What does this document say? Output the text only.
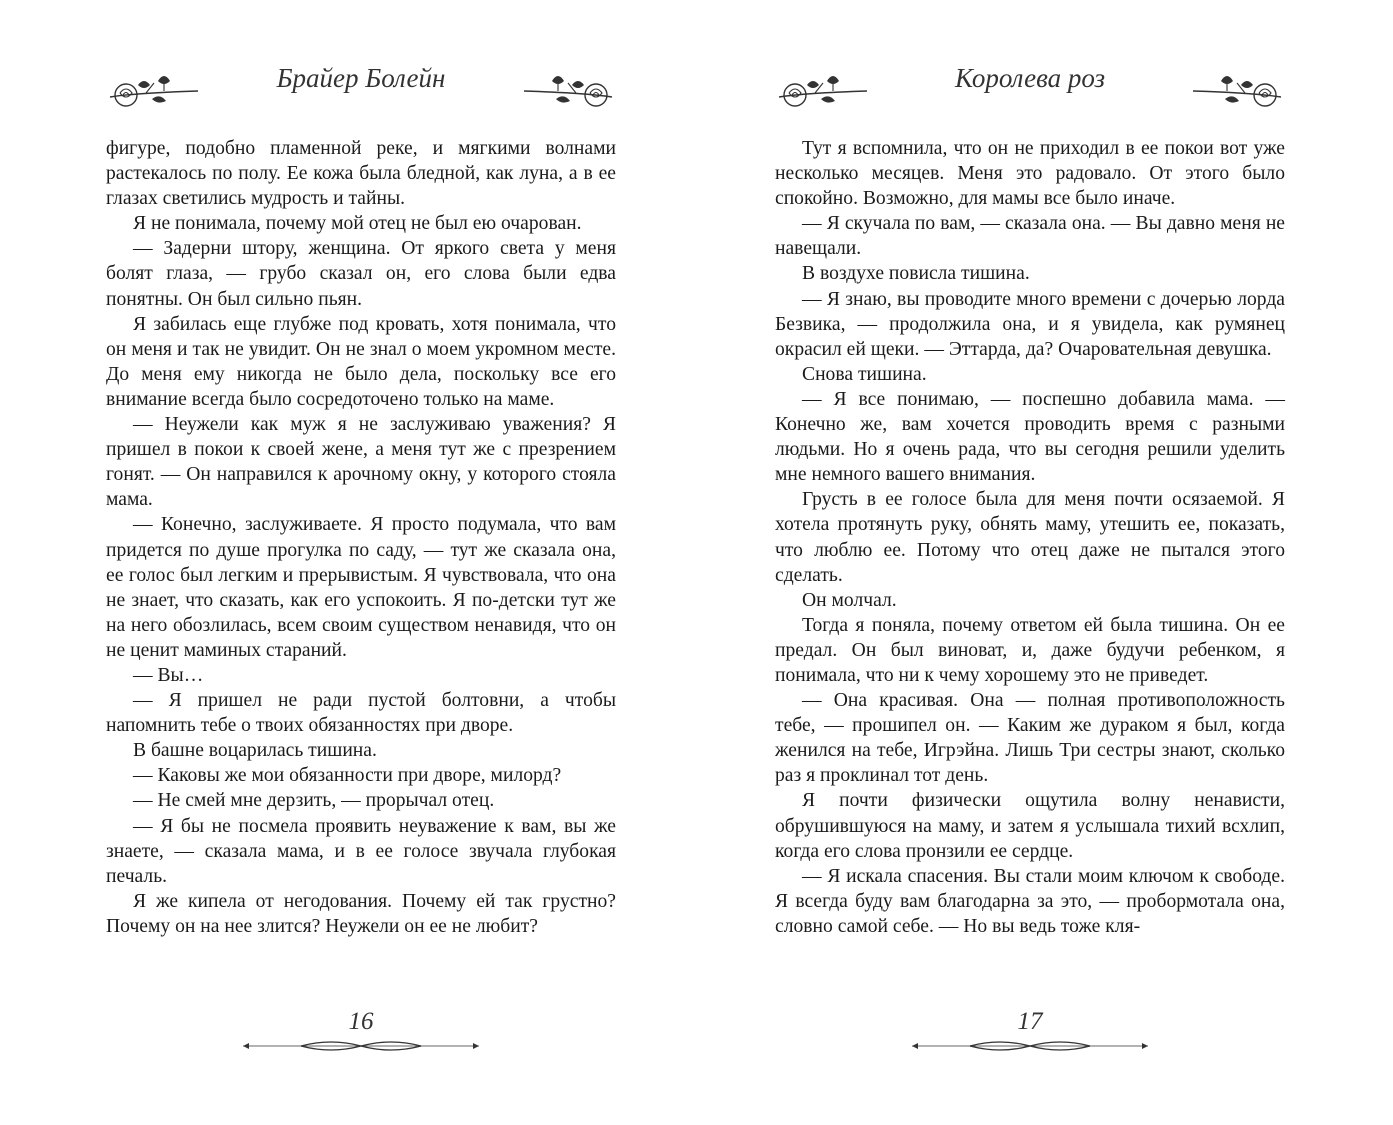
Брайер Болейн

фигуре, подобно пламенной реке, и мягкими волнами растекалось по полу. Ее кожа была бледной, как луна, а в ее глазах светились мудрость и тайны.

Я не понимала, почему мой отец не был ею очарован.

— Задерни штору, женщина. От яркого света у меня болят глаза, — грубо сказал он, его слова были едва понятны. Он был сильно пьян.

Я забилась еще глубже под кровать, хотя понимала, что он меня и так не увидит. Он не знал о моем укромном месте. До меня ему никогда не было дела, поскольку все его внимание всегда было сосредоточено только на маме.

— Неужели как муж я не заслуживаю уважения? Я пришел в покои к своей жене, а меня тут же с презрением гонят. — Он направился к арочному окну, у которого стояла мама.

— Конечно, заслуживаете. Я просто подумала, что вам придется по душе прогулка по саду, — тут же сказала она, ее голос был легким и прерывистым. Я чувствовала, что она не знает, что сказать, как его успокоить. Я по-детски тут же на него обозлилась, всем своим существом ненавидя, что он не ценит маминых стараний.

— Вы…

— Я пришел не ради пустой болтовни, а чтобы напомнить тебе о твоих обязанностях при дворе.

В башне воцарилась тишина.

— Каковы же мои обязанности при дворе, милорд?

— Не смей мне дерзить, — прорычал отец.

— Я бы не посмела проявить неуважение к вам, вы же знаете, — сказала мама, и в ее голосе звучала глубокая печаль.

Я же кипела от негодования. Почему ей так грустно? Почему он на нее злится? Неужели он ее не любит?

16
Королева роз

Тут я вспомнила, что он не приходил в ее покои вот уже несколько месяцев. Меня это радовало. От этого было спокойно. Возможно, для мамы все было иначе.

— Я скучала по вам, — сказала она. — Вы давно меня не навещали.

В воздухе повисла тишина.

— Я знаю, вы проводите много времени с дочерью лорда Безвика, — продолжила она, и я увидела, как румянец окрасил ей щеки. — Эттарда, да? Очаровательная девушка.

Снова тишина.

— Я все понимаю, — поспешно добавила мама. — Конечно же, вам хочется проводить время с разными людьми. Но я очень рада, что вы сегодня решили уделить мне немного вашего внимания.

Грусть в ее голосе была для меня почти осязаемой. Я хотела протянуть руку, обнять маму, утешить ее, показать, что люблю ее. Потому что отец даже не пытался этого сделать.

Он молчал.

Тогда я поняла, почему ответом ей была тишина. Он ее предал. Он был виноват, и, даже будучи ребенком, я понимала, что ни к чему хорошему это не приведет.

— Она красивая. Она — полная противоположность тебе, — прошипел он. — Каким же дураком я был, когда женился на тебе, Игрэйна. Лишь Три сестры знают, сколько раз я проклинал тот день.

Я почти физически ощутила волну ненависти, обрушившуюся на маму, и затем я услышала тихий всхлип, когда его слова пронзили ее сердце.

— Я искала спасения. Вы стали моим ключом к свободе. Я всегда буду вам благодарна за это, — пробормотала она, словно самой себе. — Но вы ведь тоже кля-

17
